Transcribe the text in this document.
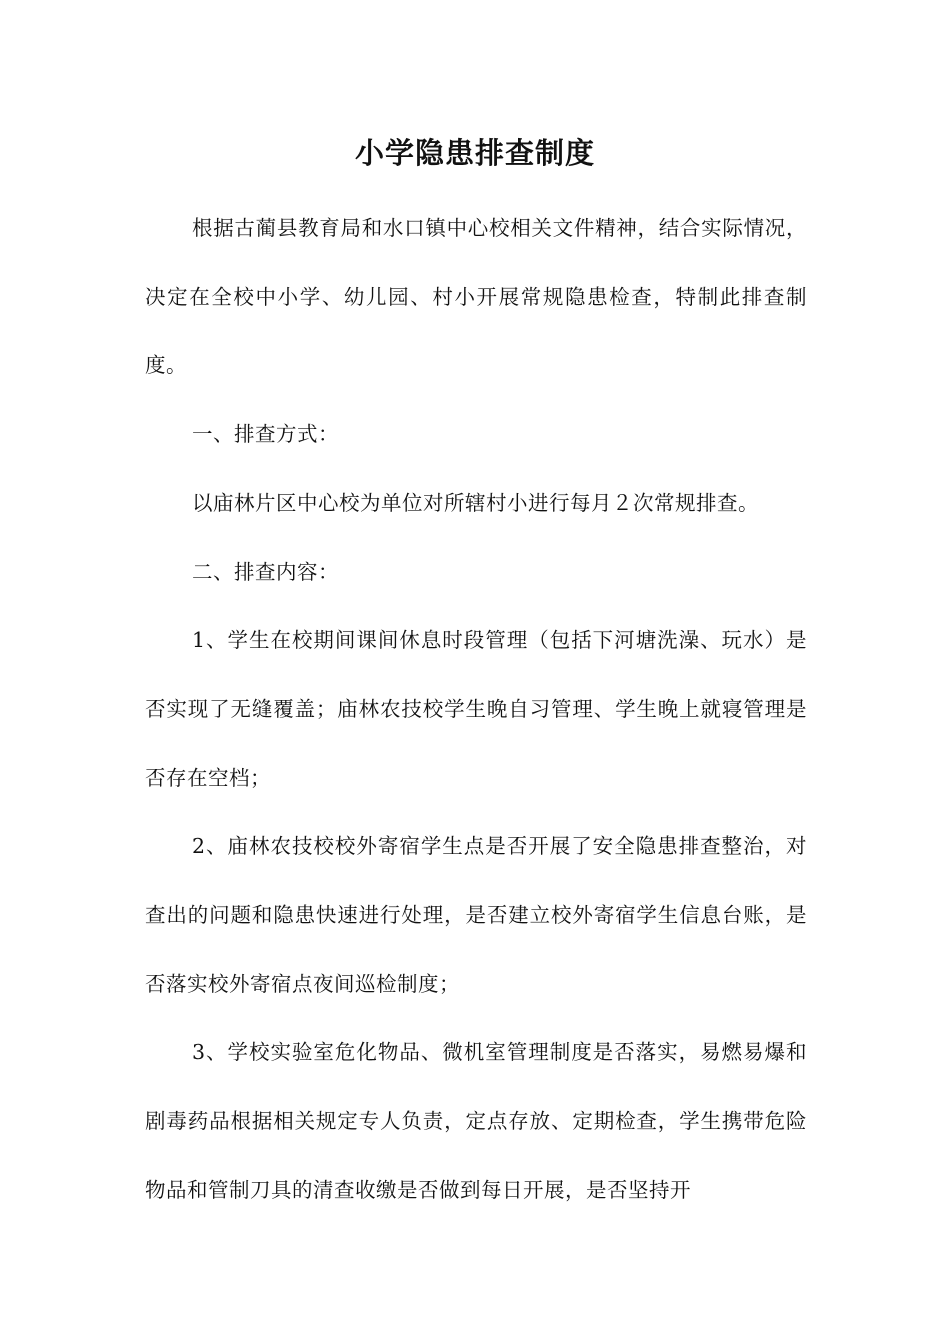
小学隐患排查制度

根据古蔺县教育局和水口镇中心校相关文件精神，结合实际情况，决定在全校中小学、幼儿园、村小开展常规隐患检查，特制此排查制度。

一、排查方式：

以庙林片区中心校为单位对所辖村小进行每月２次常规排查。

二、排查内容：

1、学生在校期间课间休息时段管理（包括下河塘洗澡、玩水）是否实现了无缝覆盖；庙林农技校学生晚自习管理、学生晚上就寝管理是否存在空档；

2、庙林农技校校外寄宿学生点是否开展了安全隐患排查整治，对查出的问题和隐患快速进行处理，是否建立校外寄宿学生信息台账，是否落实校外寄宿点夜间巡检制度；

3、学校实验室危化物品、微机室管理制度是否落实，易燃易爆和剧毒药品根据相关规定专人负责，定点存放、定期检查，学生携带危险物品和管制刀具的清查收缴是否做到每日开展，是否坚持开
